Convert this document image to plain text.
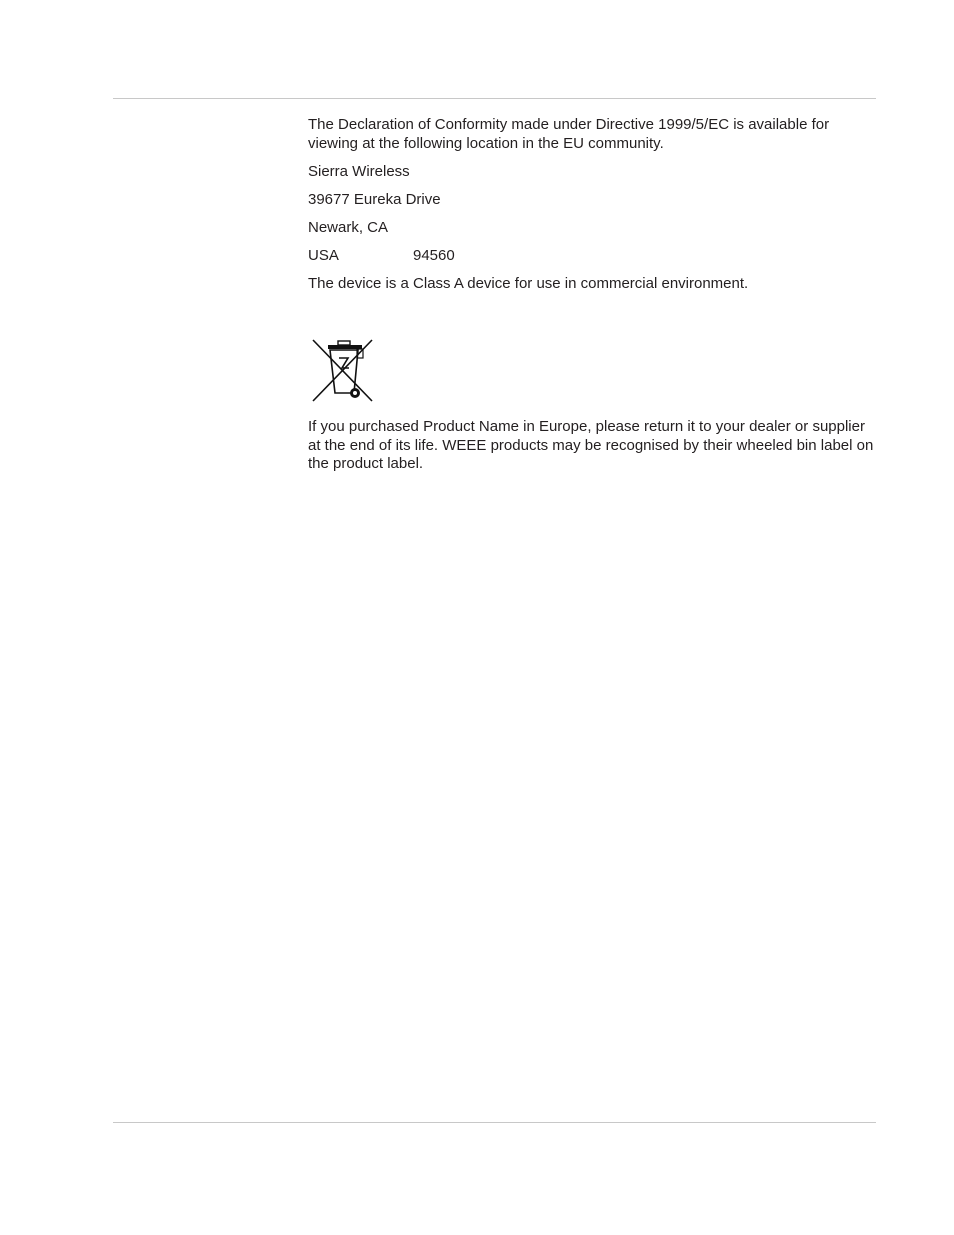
The Declaration of Conformity made under Directive 1999/5/EC is available for viewing at the following location in the EU community.

Sierra Wireless
39677 Eureka Drive
Newark, CA
USA	94560

The device is a Class A device for use in commercial environment.

If you purchased Product Name in Europe, please return it to your dealer or supplier at the end of its life. WEEE products may be recognised by their wheeled bin label on the product label.
